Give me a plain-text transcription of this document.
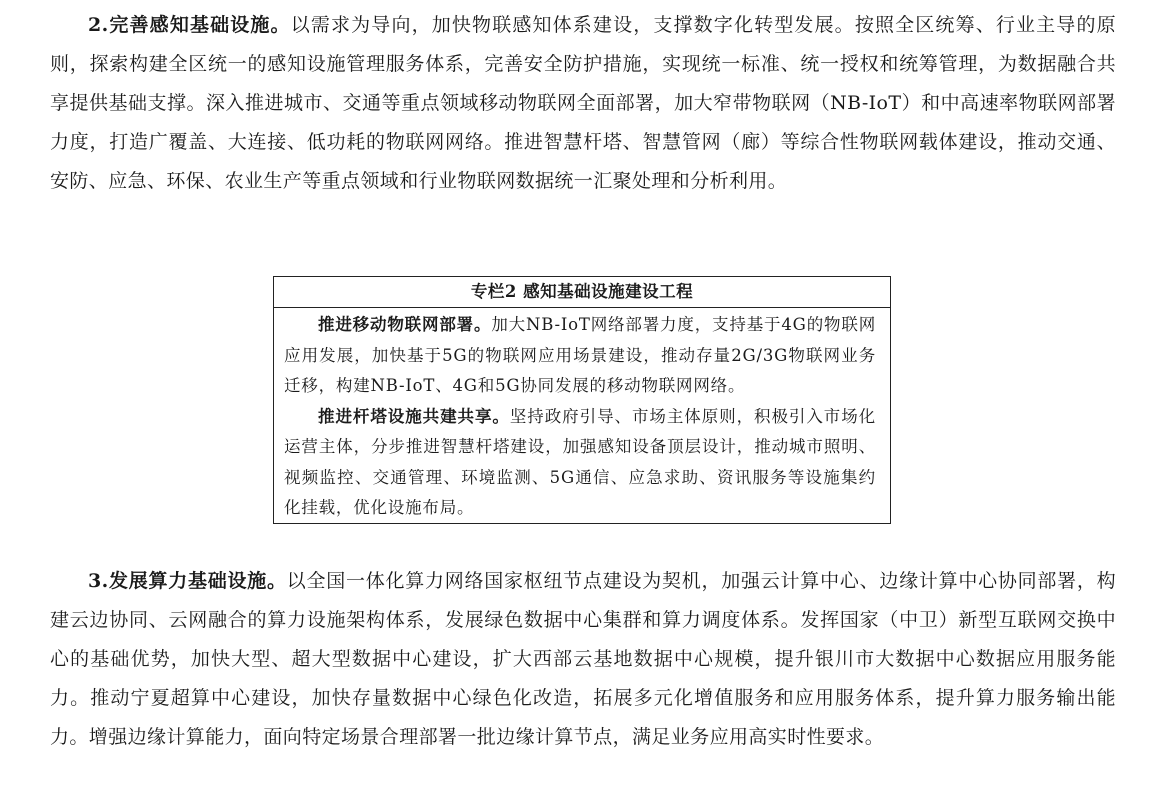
2.完善感知基础设施。以需求为导向，加快物联感知体系建设，支撑数字化转型发展。按照全区统筹、行业主导的原则，探索构建全区统一的感知设施管理服务体系，完善安全防护措施，实现统一标准、统一授权和统筹管理，为数据融合共享提供基础支撑。深入推进城市、交通等重点领域移动物联网全面部署，加大窄带物联网（NB-IoT）和中高速率物联网部署力度，打造广覆盖、大连接、低功耗的物联网网络。推进智慧杆塔、智慧管网（廊）等综合性物联网载体建设，推动交通、安防、应急、环保、农业生产等重点领域和行业物联网数据统一汇聚处理和分析利用。

专栏2 感知基础设施建设工程

推进移动物联网部署。加大NB-IoT网络部署力度，支持基于4G的物联网应用发展，加快基于5G的物联网应用场景建设，推动存量2G/3G物联网业务迁移，构建NB-IoT、4G和5G协同发展的移动物联网网络。

推进杆塔设施共建共享。坚持政府引导、市场主体原则，积极引入市场化运营主体，分步推进智慧杆塔建设，加强感知设备顶层设计，推动城市照明、视频监控、交通管理、环境监测、5G通信、应急求助、资讯服务等设施集约化挂载，优化设施布局。

3.发展算力基础设施。以全国一体化算力网络国家枢纽节点建设为契机，加强云计算中心、边缘计算中心协同部署，构建云边协同、云网融合的算力设施架构体系，发展绿色数据中心集群和算力调度体系。发挥国家（中卫）新型互联网交换中心的基础优势，加快大型、超大型数据中心建设，扩大西部云基地数据中心规模，提升银川市大数据中心数据应用服务能力。推动宁夏超算中心建设，加快存量数据中心绿色化改造，拓展多元化增值服务和应用服务体系，提升算力服务输出能力。增强边缘计算能力，面向特定场景合理部署一批边缘计算节点，满足业务应用高实时性要求。
